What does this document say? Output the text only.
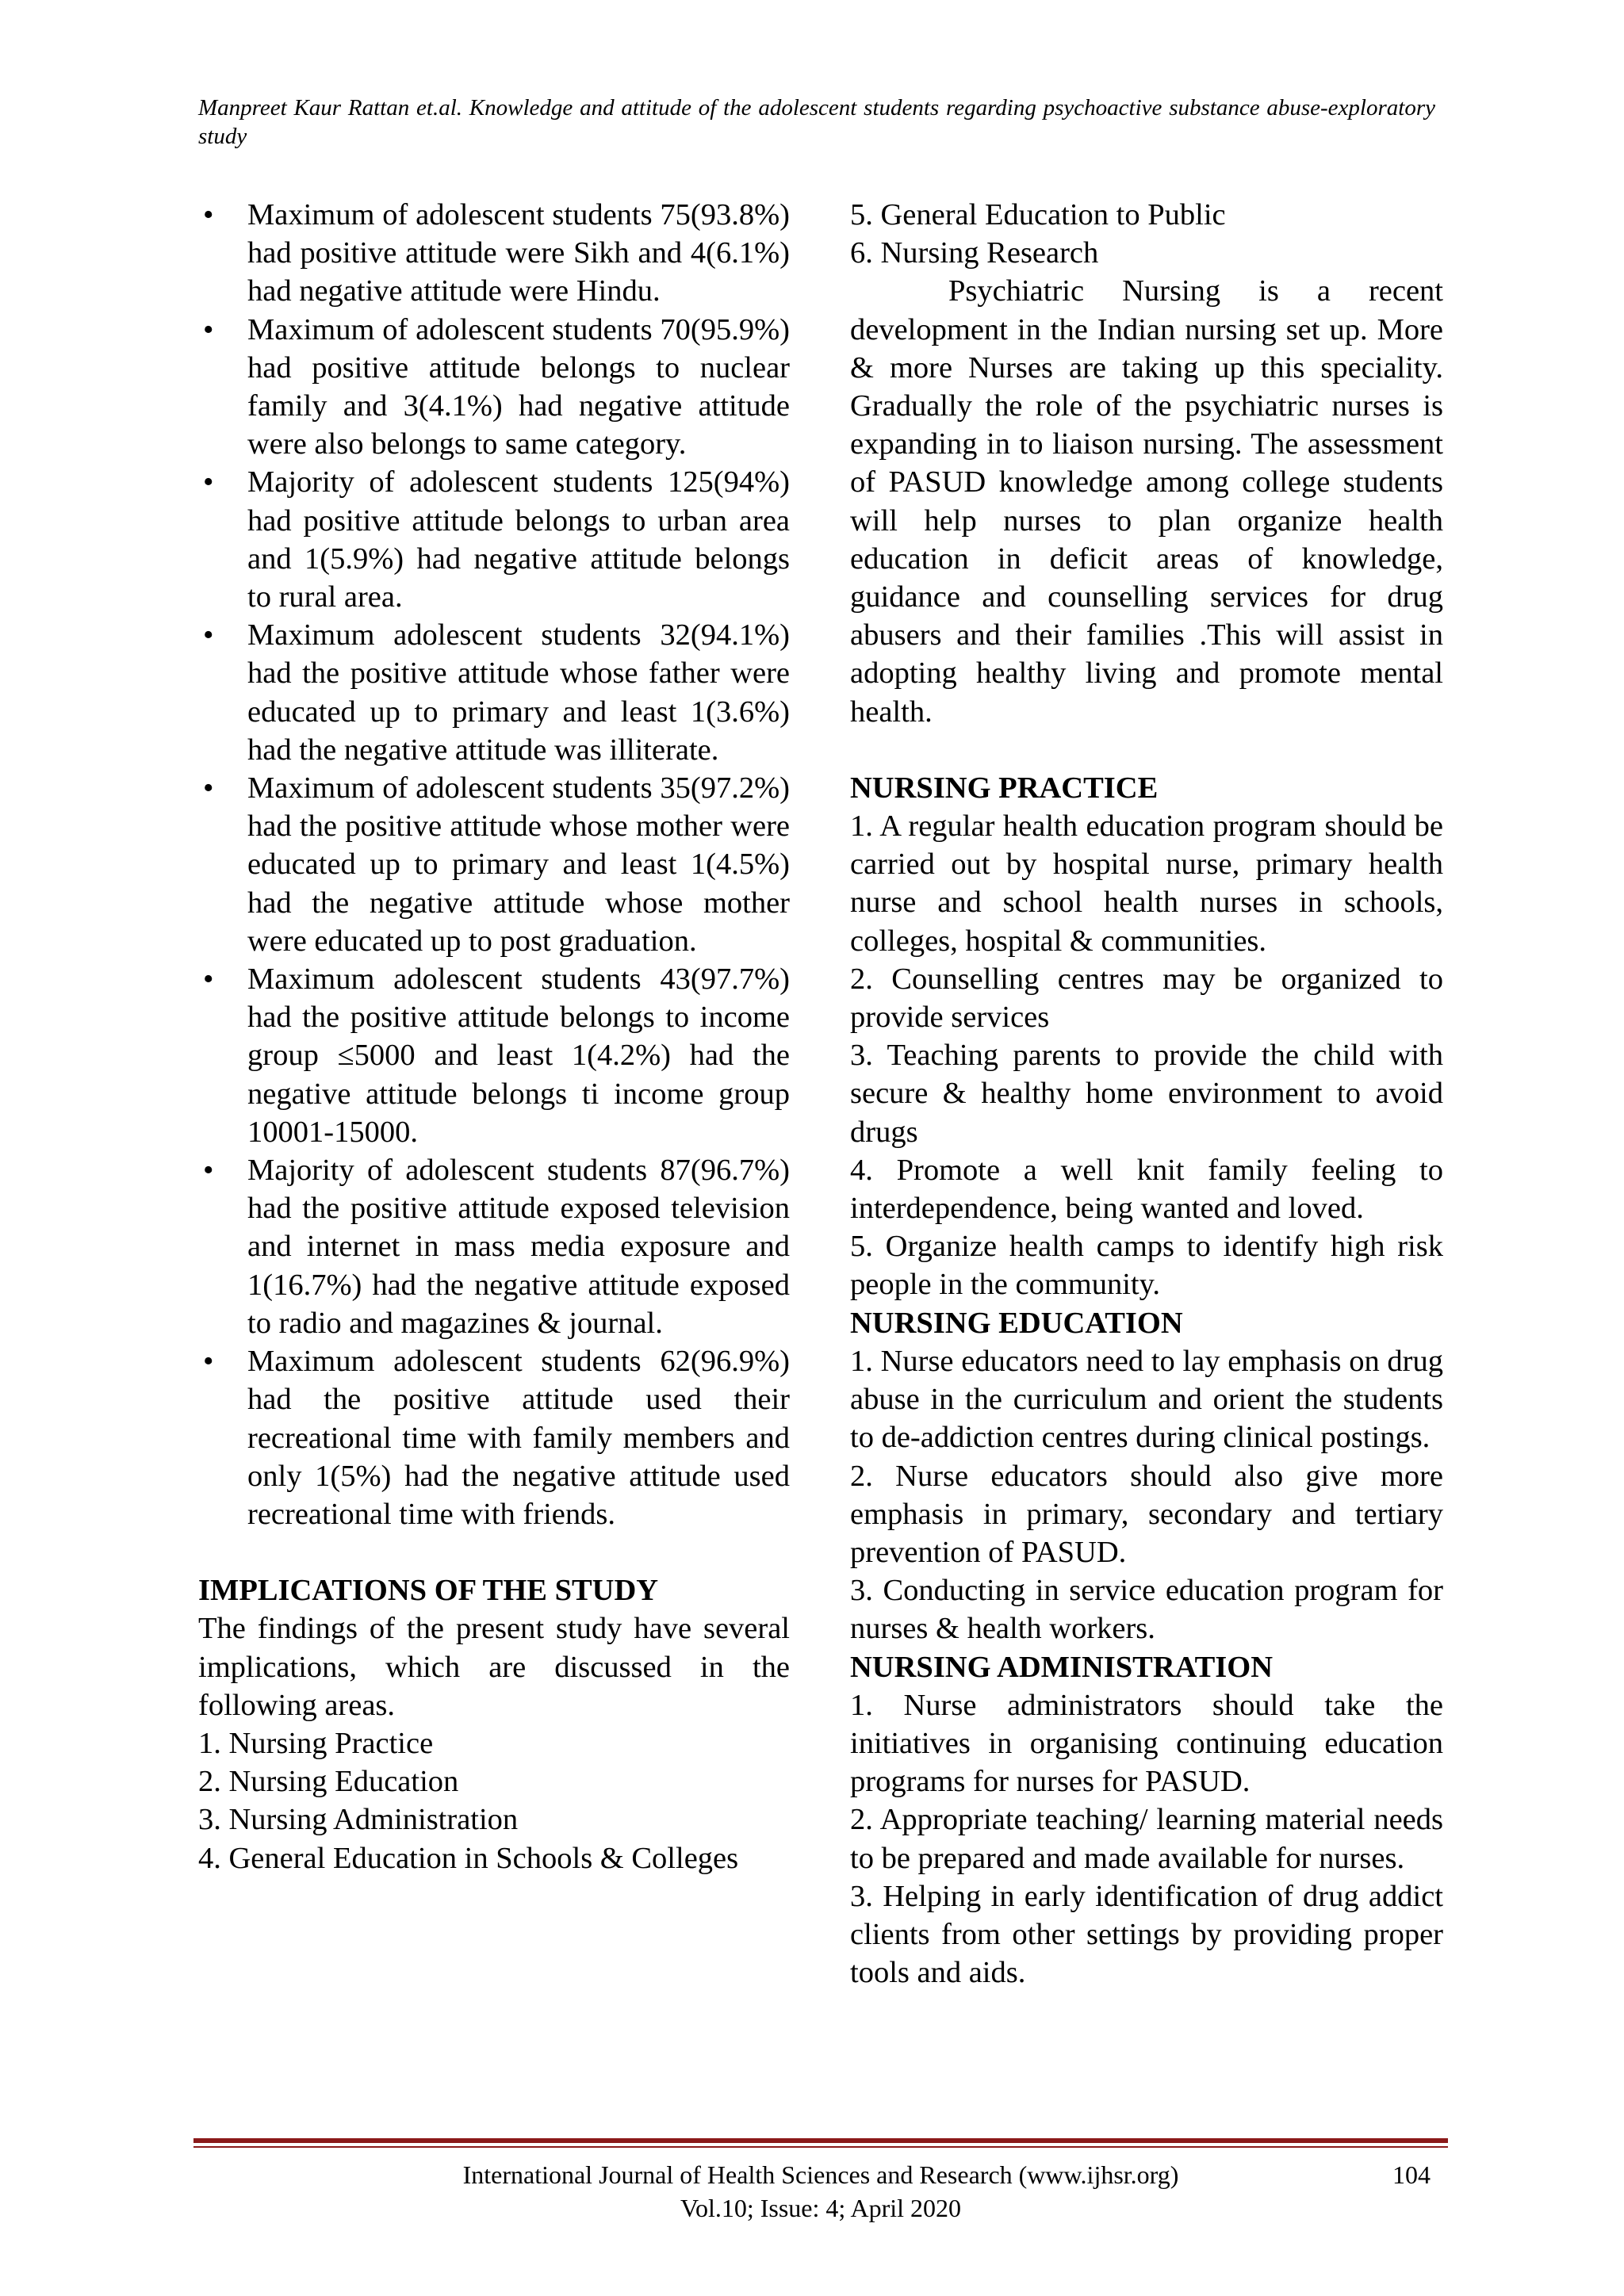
Manpreet Kaur Rattan et.al. Knowledge and attitude of the adolescent students regarding psychoactive substance abuse-exploratory study
• Maximum of adolescent students 75(93.8%) had positive attitude were Sikh and 4(6.1%) had negative attitude were Hindu.
• Maximum of adolescent students 70(95.9%) had positive attitude belongs to nuclear family and 3(4.1%) had negative attitude were also belongs to same category.
• Majority of adolescent students 125(94%) had positive attitude belongs to urban area and 1(5.9%) had negative attitude belongs to rural area.
• Maximum adolescent students 32(94.1%) had the positive attitude whose father were educated up to primary and least 1(3.6%) had the negative attitude was illiterate.
• Maximum of adolescent students 35(97.2%) had the positive attitude whose mother were educated up to primary and least 1(4.5%) had the negative attitude whose mother were educated up to post graduation.
• Maximum adolescent students 43(97.7%) had the positive attitude belongs to income group ≤5000 and least 1(4.2%) had the negative attitude belongs ti income group 10001-15000.
• Majority of adolescent students 87(96.7%) had the positive attitude exposed television and internet in mass media exposure and 1(16.7%) had the negative attitude exposed to radio and magazines & journal.
• Maximum adolescent students 62(96.9%) had the positive attitude used their recreational time with family members and only 1(5%) had the negative attitude used recreational time with friends.
IMPLICATIONS OF THE STUDY
The findings of the present study have several implications, which are discussed in the following areas.
1. Nursing Practice
2. Nursing Education
3. Nursing Administration
4. General Education in Schools & Colleges
5. General Education to Public
6. Nursing Research
Psychiatric Nursing is a recent development in the Indian nursing set up. More & more Nurses are taking up this speciality. Gradually the role of the psychiatric nurses is expanding in to liaison nursing. The assessment of PASUD knowledge among college students will help nurses to plan organize health education in deficit areas of knowledge, guidance and counselling services for drug abusers and their families .This will assist in adopting healthy living and promote mental health.
NURSING PRACTICE
1. A regular health education program should be carried out by hospital nurse, primary health nurse and school health nurses in schools, colleges, hospital & communities.
2. Counselling centres may be organized to provide services
3. Teaching parents to provide the child with secure & healthy home environment to avoid drugs
4. Promote a well knit family feeling to interdependence, being wanted and loved.
5. Organize health camps to identify high risk people in the community.
NURSING EDUCATION
1. Nurse educators need to lay emphasis on drug abuse in the curriculum and orient the students to de-addiction centres during clinical postings.
2. Nurse educators should also give more emphasis in primary, secondary and tertiary prevention of PASUD.
3. Conducting in service education program for nurses & health workers.
NURSING ADMINISTRATION
1. Nurse administrators should take the initiatives in organising continuing education programs for nurses for PASUD.
2. Appropriate teaching/ learning material needs to be prepared and made available for nurses.
3. Helping in early identification of drug addict clients from other settings by providing proper tools and aids.
International Journal of Health Sciences and Research (www.ijhsr.org)
Vol.10; Issue: 4; April 2020
104
